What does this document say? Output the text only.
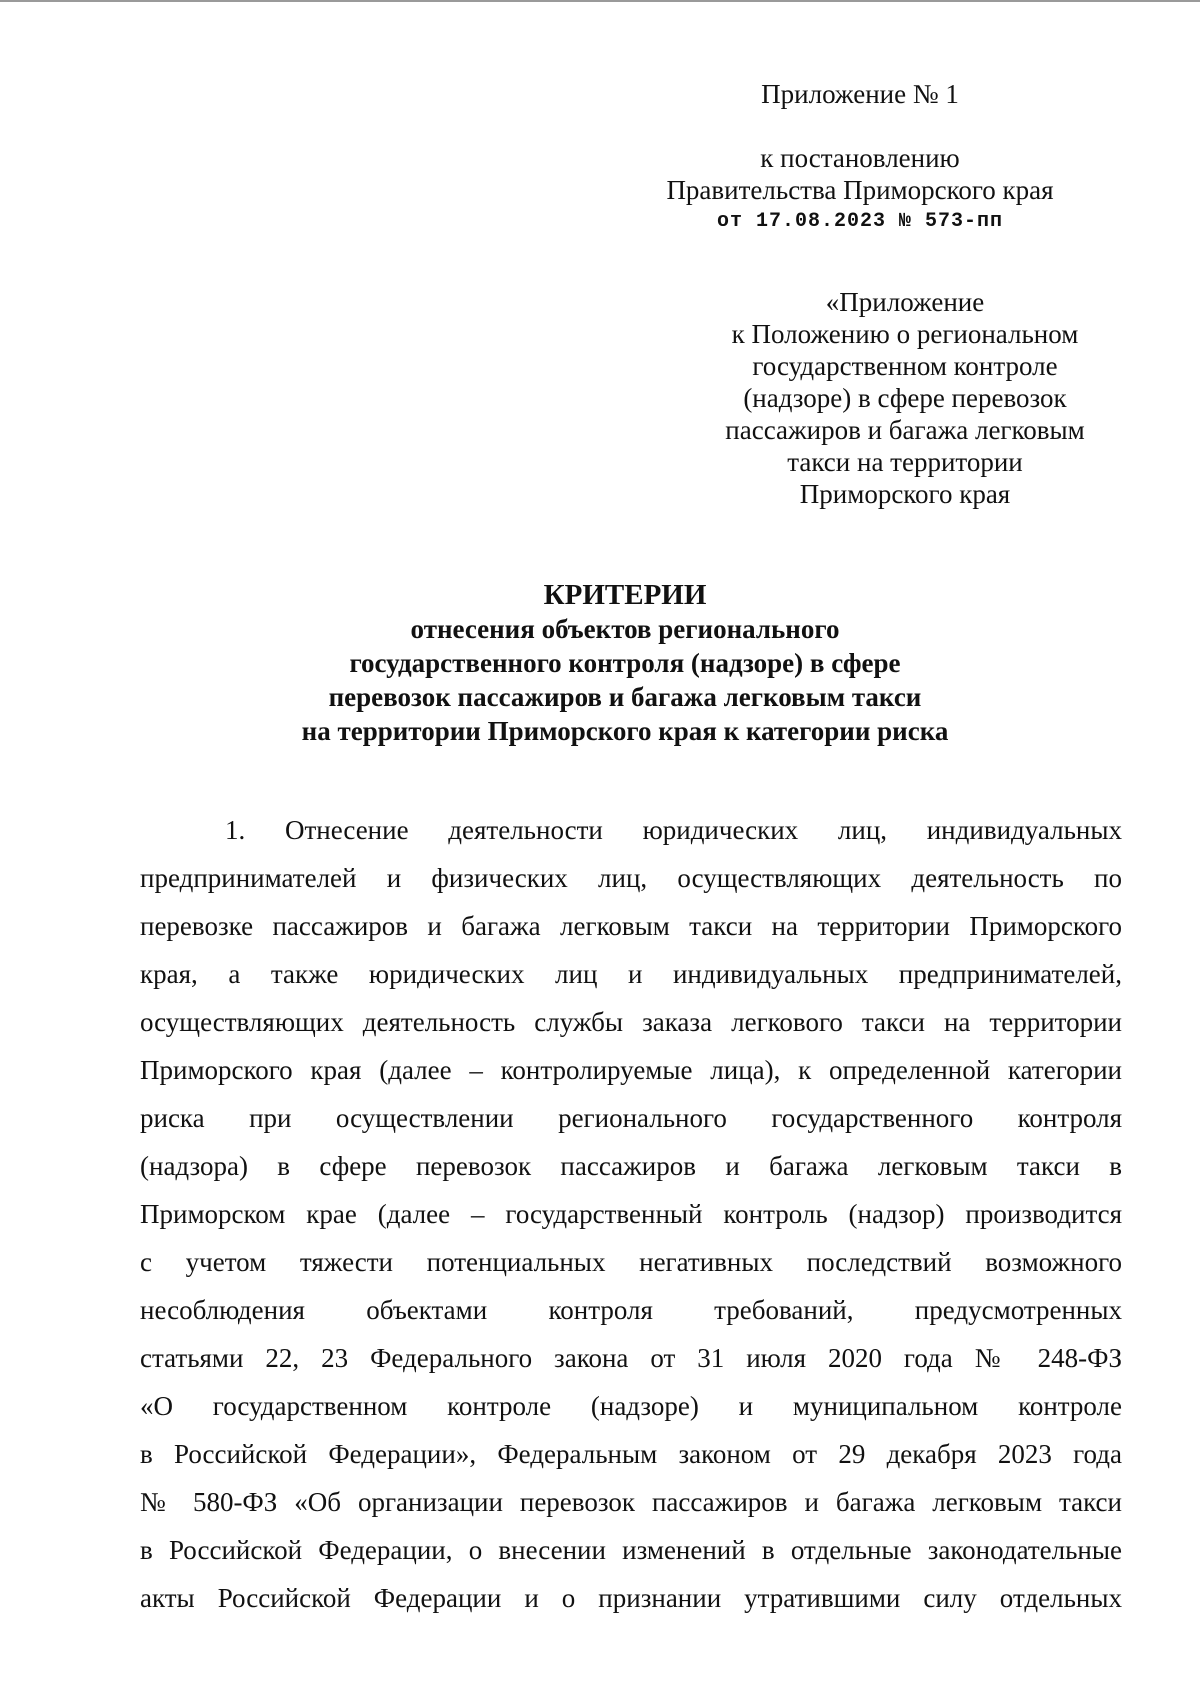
Приложение № 1
к постановлению
Правительства Приморского края
от 17.08.2023 № 573-пп
«Приложение
к Положению о региональном
государственном контроле
(надзоре) в сфере перевозок
пассажиров и багажа легковым
такси на территории
Приморского края
КРИТЕРИИ
отнесения объектов регионального
государственного контроля (надзоре) в сфере
перевозок пассажиров и багажа легковым такси
на территории Приморского края к категории риска
1. Отнесение деятельности юридических лиц, индивидуальных
предпринимателей и физических лиц, осуществляющих деятельность по
перевозке пассажиров и багажа легковым такси на территории Приморского
края, а также юридических лиц и индивидуальных предпринимателей,
осуществляющих деятельность службы заказа легкового такси на территории
Приморского края (далее – контролируемые лица), к определенной категории
риска при осуществлении регионального государственного контроля
(надзора) в сфере перевозок пассажиров и багажа легковым такси в
Приморском крае (далее – государственный контроль (надзор) производится
с учетом тяжести потенциальных негативных последствий возможного
несоблюдения объектами контроля требований, предусмотренных
статьями 22, 23 Федерального закона от 31 июля 2020 года № 248-ФЗ
«О государственном контроле (надзоре) и муниципальном контроле
в Российской Федерации», Федеральным законом от 29 декабря 2023 года
№ 580-ФЗ «Об организации перевозок пассажиров и багажа легковым такси
в Российской Федерации, о внесении изменений в отдельные законодательные
акты Российской Федерации и о признании утратившими силу отдельных
